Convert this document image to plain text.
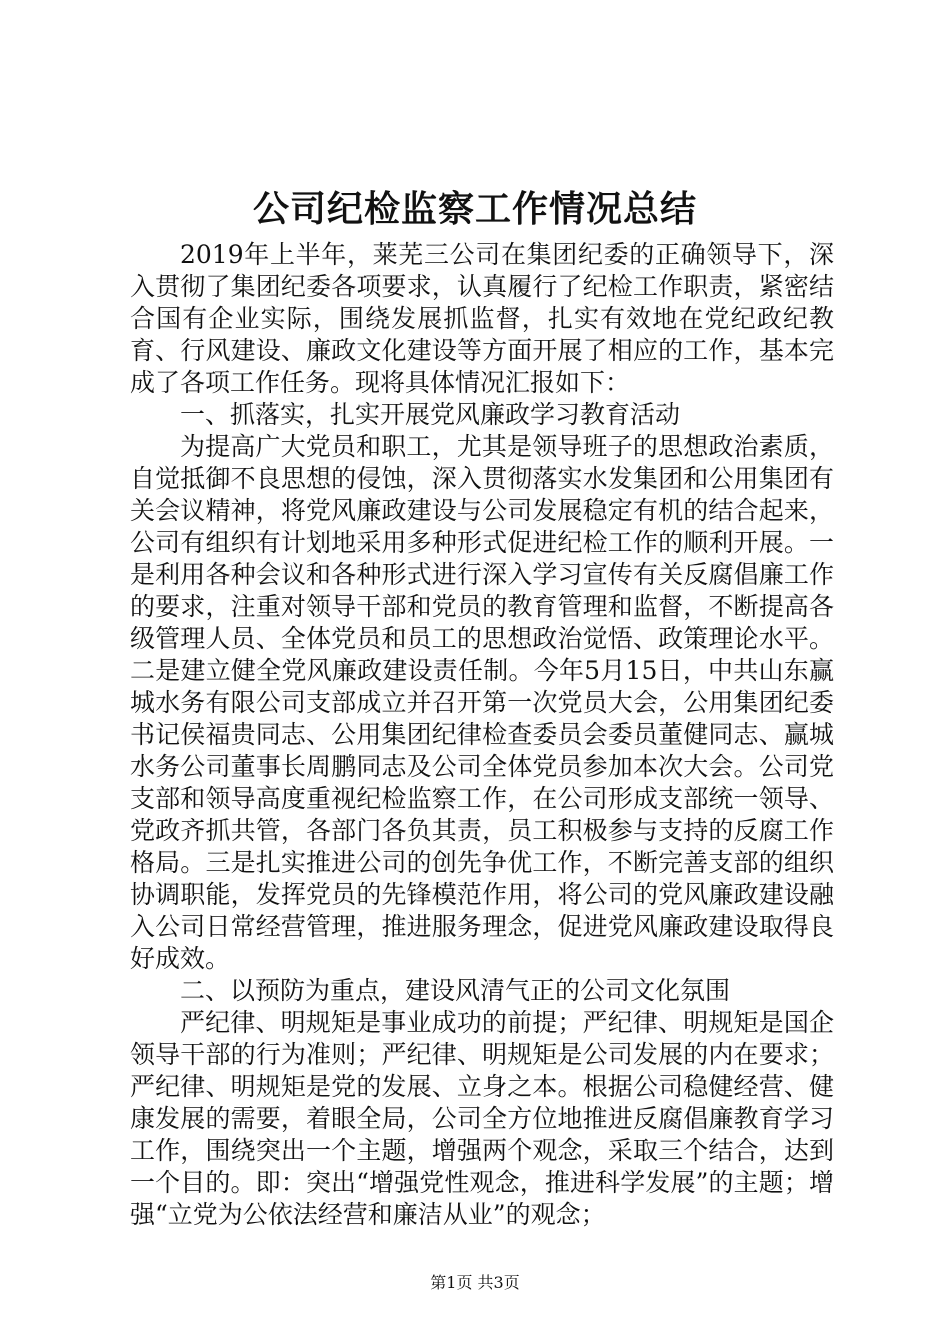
公司纪检监察工作情况总结

2019年上半年，莱芜三公司在集团纪委的正确领导下，深入贯彻了集团纪委各项要求，认真履行了纪检工作职责，紧密结合国有企业实际，围绕发展抓监督，扎实有效地在党纪政纪教育、行风建设、廉政文化建设等方面开展了相应的工作，基本完成了各项工作任务。现将具体情况汇报如下：

一、抓落实，扎实开展党风廉政学习教育活动

为提高广大党员和职工，尤其是领导班子的思想政治素质，自觉抵御不良思想的侵蚀，深入贯彻落实水发集团和公用集团有关会议精神，将党风廉政建设与公司发展稳定有机的结合起来，公司有组织有计划地采用多种形式促进纪检工作的顺利开展。一是利用各种会议和各种形式进行深入学习宣传有关反腐倡廉工作的要求，注重对领导干部和党员的教育管理和监督，不断提高各级管理人员、全体党员和员工的思想政治觉悟、政策理论水平。二是建立健全党风廉政建设责任制。今年5月15日，中共山东赢城水务有限公司支部成立并召开第一次党员大会，公用集团纪委书记侯福贵同志、公用集团纪律检查委员会委员董健同志、赢城水务公司董事长周鹏同志及公司全体党员参加本次大会。公司党支部和领导高度重视纪检监察工作，在公司形成支部统一领导、党政齐抓共管，各部门各负其责，员工积极参与支持的反腐工作格局。三是扎实推进公司的创先争优工作，不断完善支部的组织协调职能，发挥党员的先锋模范作用，将公司的党风廉政建设融入公司日常经营管理，推进服务理念，促进党风廉政建设取得良好成效。

二、以预防为重点，建设风清气正的公司文化氛围

严纪律、明规矩是事业成功的前提；严纪律、明规矩是国企领导干部的行为准则；严纪律、明规矩是公司发展的内在要求；严纪律、明规矩是党的发展、立身之本。根据公司稳健经营、健康发展的需要，着眼全局，公司全方位地推进反腐倡廉教育学习工作，围绕突出一个主题，增强两个观念，采取三个结合，达到一个目的。即：突出“增强党性观念，推进科学发展”的主题；增强“立党为公依法经营和廉洁从业”的观念；

第1页 共3页
